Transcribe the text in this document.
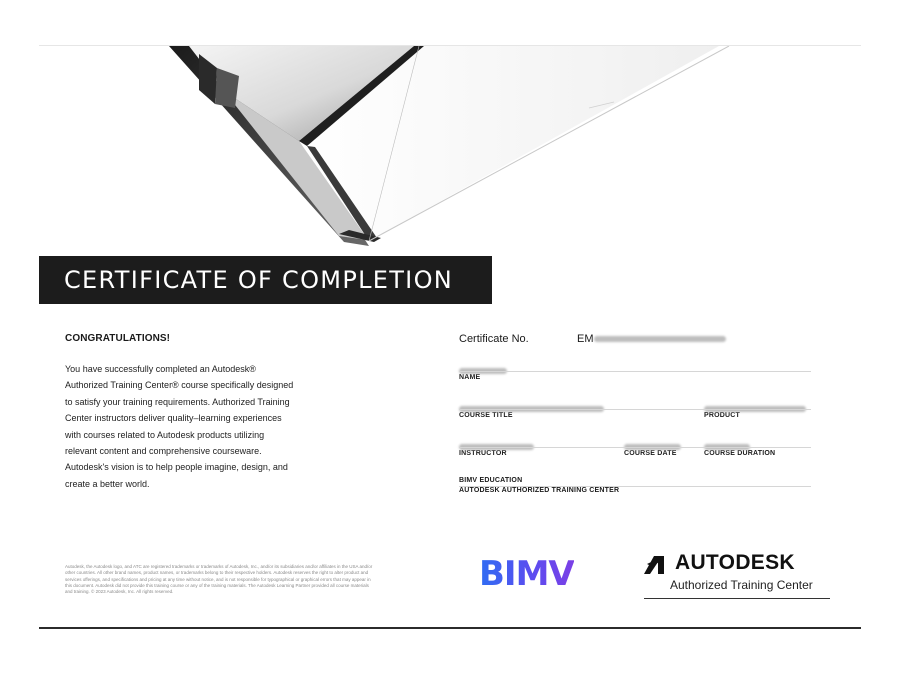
CERTIFICATE OF COMPLETION
CONGRATULATIONS!
You have successfully completed an Autodesk® Authorized Training Center® course specifically designed to satisfy your training requirements. Authorized Training Center instructors deliver quality–learning experiences with courses related to Autodesk products utilizing relevant content and comprehensive courseware. Autodesk's vision is to help people imagine, design, and create a better world.
Certificate No.	EM
NAME
COURSE TITLE	PRODUCT
INSTRUCTOR	COURSE DATE	COURSE DURATION
BIMV EDUCATION
AUTODESK AUTHORIZED TRAINING CENTER
Autodesk, the Autodesk logo, and ATC are registered trademarks or trademarks of Autodesk, Inc., and/or its subsidiaries and/or affiliates in the USA and/or other countries. All other brand names, product names, or trademarks belong to their respective holders. Autodesk reserves the right to alter product and services offerings, and specifications and pricing at any time without notice, and is not responsible for typographical or graphical errors that may appear in this document. Autodesk did not provide this training course or any of the training materials. The Autodesk Learning Partner provided all course materials and training. © 2023 Autodesk, Inc. All rights reserved.	BIMV	AUTODESK
Authorized Training Center
